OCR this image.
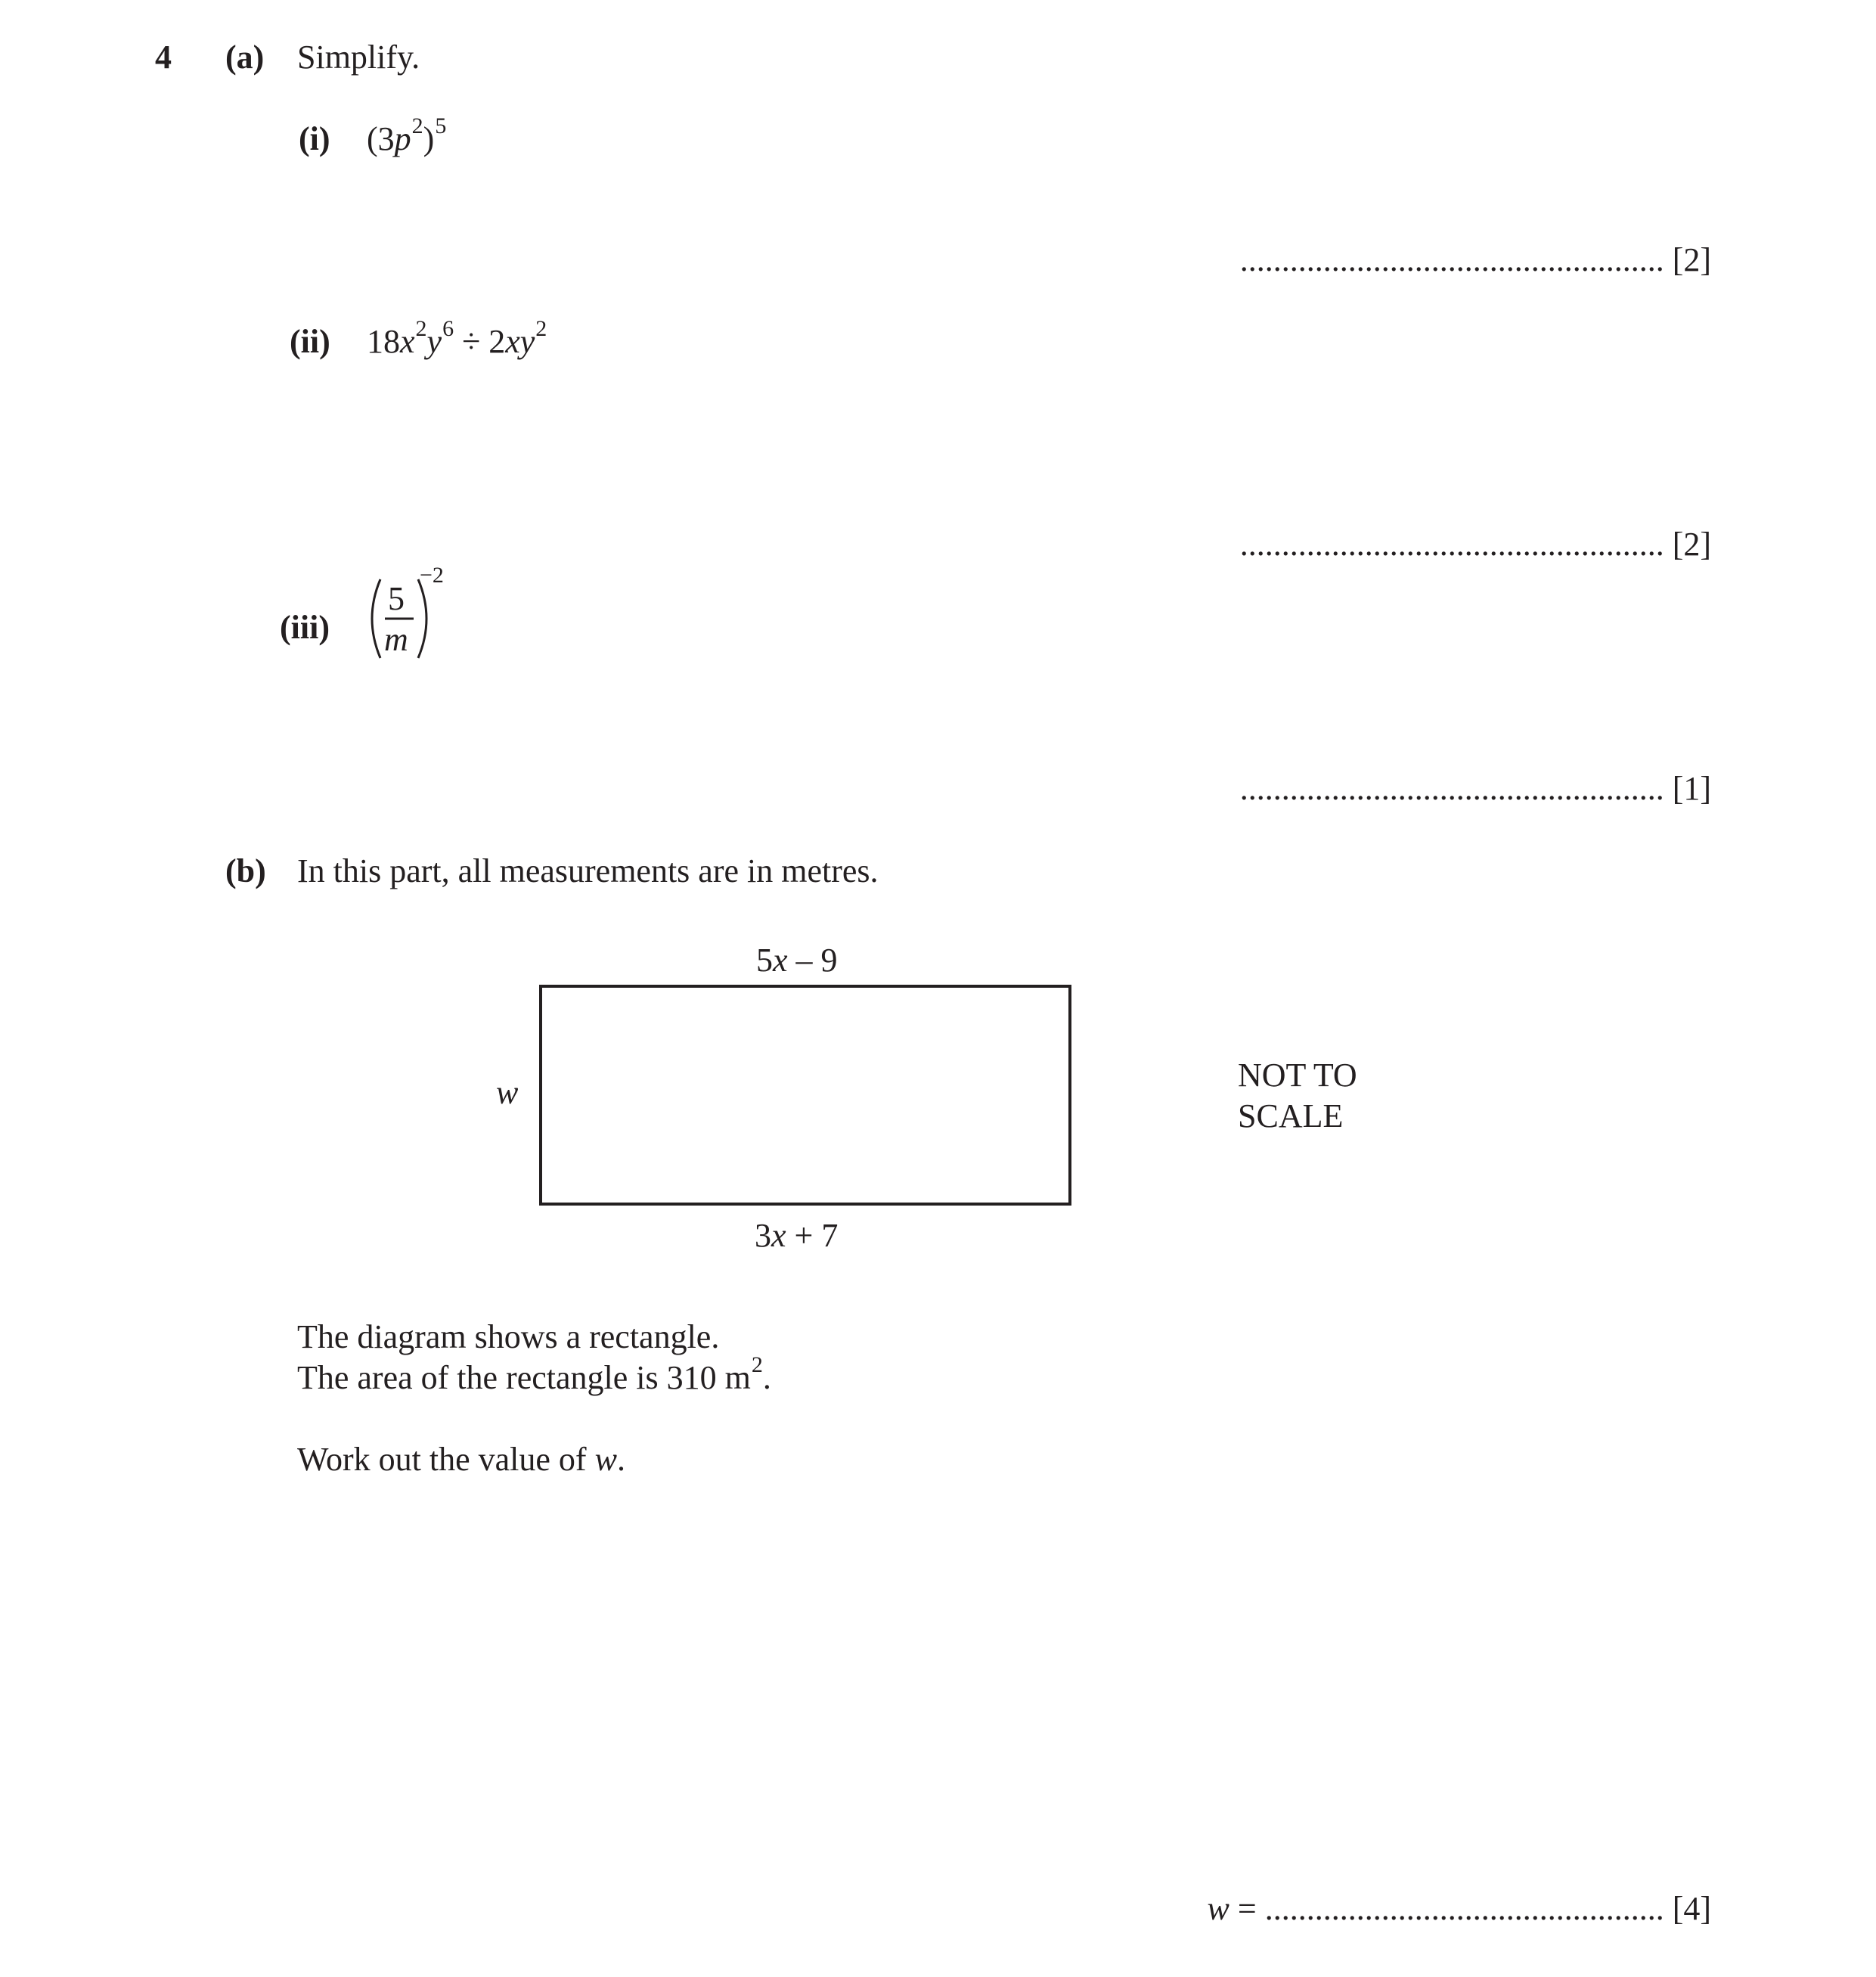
4 (a) Simplify.
(i) $(3p^2)^5$
................................................... [2]
(ii) $18x^2y^6 \div 2xy^2$
................................................... [2]
(iii)
5
m
−2
................................................... [1]
(b) In this part, all measurements are in metres.
5x – 9
w
3x + 7
NOT TO
SCALE
The diagram shows a rectangle.
The area of the rectangle is 310 $m^2$.
Work out the value of w.
w = ................................................ [4]
